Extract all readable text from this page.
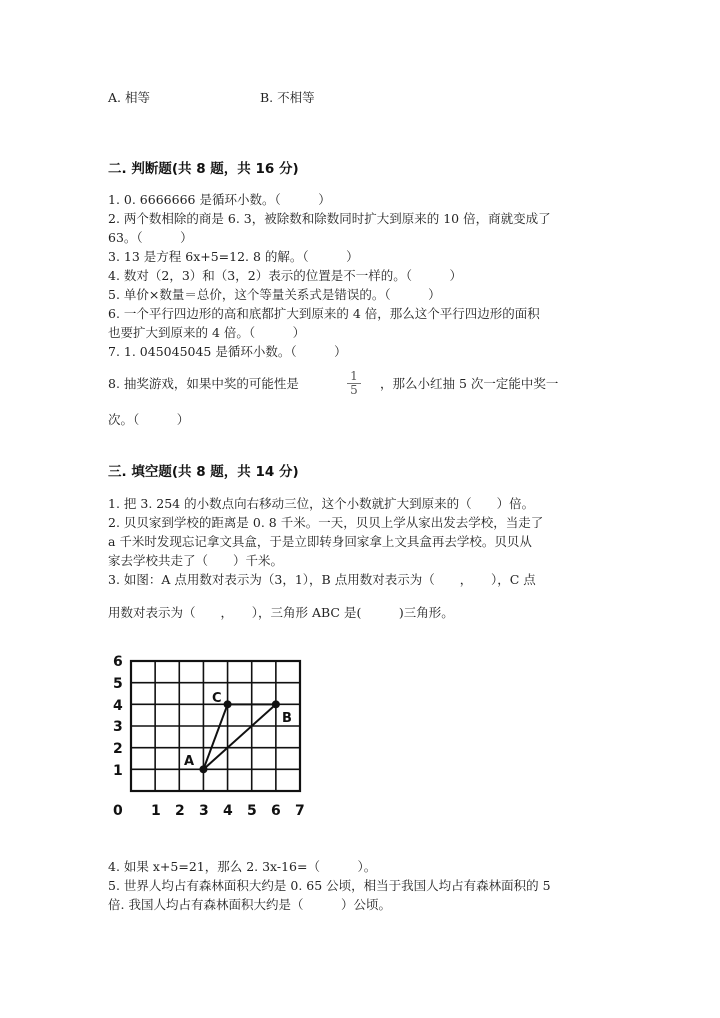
A. 相等	B. 不相等
二. 判断题(共 8 题，共 16 分)
1. 0. 6666666 是循环小数。（　　　）
2. 两个数相除的商是 6. 3，被除数和除数同时扩大到原来的 10 倍，商就变成了
63。（　　　）
3. 13 是方程 6x+5=12. 8 的解。（　　　）
4. 数对（2，3）和（3，2）表示的位置是不一样的。（　　　）
5. 单价×数量＝总价，这个等量关系式是错误的。（　　　）
6. 一个平行四边形的高和底都扩大到原来的 4 倍，那么这个平行四边形的面积
也要扩大到原来的 4 倍。（　　　）
7. 1. 045045045 是循环小数。（　　　）
8. 抽奖游戏，如果中奖的可能性是	$\frac{1}{5}$ ，那么小红抽 5 次一定能中奖一
次。（　　　）
三. 填空题(共 8 题，共 14 分)
1. 把 3. 254 的小数点向右移动三位，这个小数就扩大到原来的（　　）倍。
2. 贝贝家到学校的距离是 0. 8 千米。一天，贝贝上学从家出发去学校，当走了
a 千米时发现忘记拿文具盒，于是立即转身回家拿上文具盒再去学校。贝贝从
家去学校共走了（　　）千米。
3. 如图：A 点用数对表示为（3，1），B 点用数对表示为（　　，　　），C 点
用数对表示为（　　，　　），三角形 ABC 是(　　　)三角形。
A
B
C
6
5
4
3
2
1
0 1 2 3 4 5 6 7
4. 如果 x+5=21，那么 2. 3x-16=（　　　）。
5. 世界人均占有森林面积大约是 0. 65 公顷，相当于我国人均占有森林面积的 5
倍. 我国人均占有森林面积大约是（　　　）公顷。
